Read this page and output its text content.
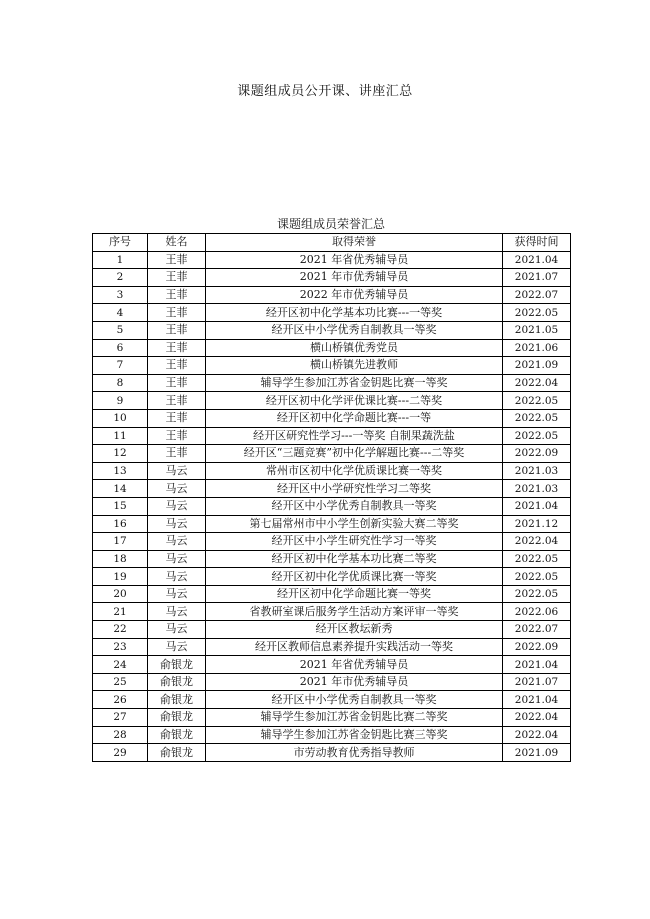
课题组成员公开课、讲座汇总
课题组成员荣誉汇总
序号	姓名	取得荣誉	获得时间
1	王菲	2021 年省优秀辅导员	2021.04
2	王菲	2021 年市优秀辅导员	2021.07
3	王菲	2022 年市优秀辅导员	2022.07
4	王菲	经开区初中化学基本功比赛---一等奖	2022.05
5	王菲	经开区中小学优秀自制教具一等奖	2021.05
6	王菲	横山桥镇优秀党员	2021.06
7	王菲	横山桥镇先进教师	2021.09
8	王菲	辅导学生参加江苏省金钥匙比赛一等奖	2022.04
9	王菲	经开区初中化学评优课比赛---二等奖	2022.05
10	王菲	经开区初中化学命题比赛---一等	2022.05
11	王菲	经开区研究性学习---一等奖 自制果蔬洗盐	2022.05
12	王菲	经开区“三题竞赛”初中化学解题比赛---二等奖	2022.09
13	马云	常州市区初中化学优质课比赛一等奖	2021.03
14	马云	经开区中小学研究性学习二等奖	2021.03
15	马云	经开区中小学优秀自制教具一等奖	2021.04
16	马云	第七届常州市中小学生创新实验大赛二等奖	2021.12
17	马云	经开区中小学生研究性学习一等奖	2022.04
18	马云	经开区初中化学基本功比赛二等奖	2022.05
19	马云	经开区初中化学优质课比赛一等奖	2022.05
20	马云	经开区初中化学命题比赛一等奖	2022.05
21	马云	省教研室课后服务学生活动方案评审一等奖	2022.06
22	马云	经开区教坛新秀	2022.07
23	马云	经开区教师信息素养提升实践活动一等奖	2022.09
24	俞银龙	2021 年省优秀辅导员	2021.04
25	俞银龙	2021 年市优秀辅导员	2021.07
26	俞银龙	经开区中小学优秀自制教具一等奖	2021.04
27	俞银龙	辅导学生参加江苏省金钥匙比赛二等奖	2022.04
28	俞银龙	辅导学生参加江苏省金钥匙比赛三等奖	2022.04
29	俞银龙	市劳动教育优秀指导教师	2021.09
